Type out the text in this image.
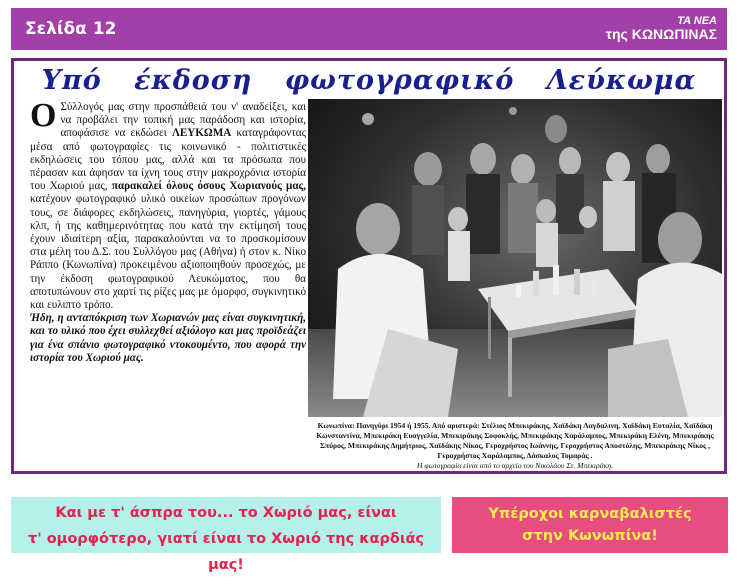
Σελίδα 12	ΤΑ ΝΕΑ
της ΚΩΝΩΠΙΝΑΣ
Υπό έκδοση φωτογραφικό Λεύκωμα
Ο Σύλλογός μας στην προσπάθειά του ν' αναδείξει, και να προβάλει την τοπική μας παράδοση και ιστορία, αποφάσισε να εκδώσει ΛΕΥΚΩΜΑ καταγράφοντας μέσα από φωτογραφίες τις κοινωνικό - πολιτιστικές εκδηλώσεις του τόπου μας, αλλά και τα πρόσωπα που πέρασαν και άφησαν τα ίχνη τους στην μακροχρόνια ιστορία του Χωριού μας, παρακαλεί όλους όσους Χωριανούς μας, κατέχουν φωτογραφικό υλικό οικείων προσώπων προγόνων τους, σε διάφορες εκδηλώσεις, πανηγύρια, γιορτές, γάμους κλπ, ή της καθημερινότητας που κατά την εκτίμησή τους έχουν ιδιαίτερη αξία, παρακαλούνται να το προσκομίσουν στα μέλη του Δ.Σ. του Συλλόγου μας (Αθήνα) ή στον κ. Νίκο Ράππο (Κωνωπίνα) προκειμένου αξιοποιηθούν προσεχώς, με την έκδοση φωτογραφικού Λευκώματος, που θα αποτυπώνουν στο χαρτί τις ρίζες μας με όμορφο, συγκινητικό και ευλιπτο τρόπο.
Ήδη, η ανταπόκριση των Χωριανών μας είναι συγκινητική, και το υλικό που έχει συλλεχθεί αξιόλογο και μας προϊδεάζει για ένα σπάνιο φωτογραφικό ντοκουμέντο, που αφορά την ιστορία του Χωριού μας.
Κωνωπίνα: Πανηγύρι 1954 ή 1955. Από αριστερά: Στέλιος Μπεκιράκης, Χαϊδάκη Λαγδαλινη, Χαϊδάκη Ευταλία, Χαϊδάκη Κωνσταντίνα, Μπεκιράκη Ευαγγελία, Μπεκιράκης Σοφοκλής, Μπεκιράκης Χαράλαμπος, Μπεκιράκη Ελένη, Μπεκιράκης Σπύρος, Μπεκιράκης Δημήτριος, Χαϊδάκης Νίκος, Γεροχρήστος Ιωάννης, Γεροχρήστος Αποστόλης, Μπεκιράκης Νίκος , Γεροχρήστος Χαράλαμπος, Δάσκαλος Τομαράς .
Η φωτογραφία είναι από το αρχείο του Νικολάου Στ. Μπεκιράκη.
Και με τ' άσπρα του... το Χωριό μας, είναι
τ' ομορφότερο, γιατί είναι το Χωριό της καρδιάς μας!
Υπέροχοι καρναβαλιστές
στην Κωνωπίνα!
